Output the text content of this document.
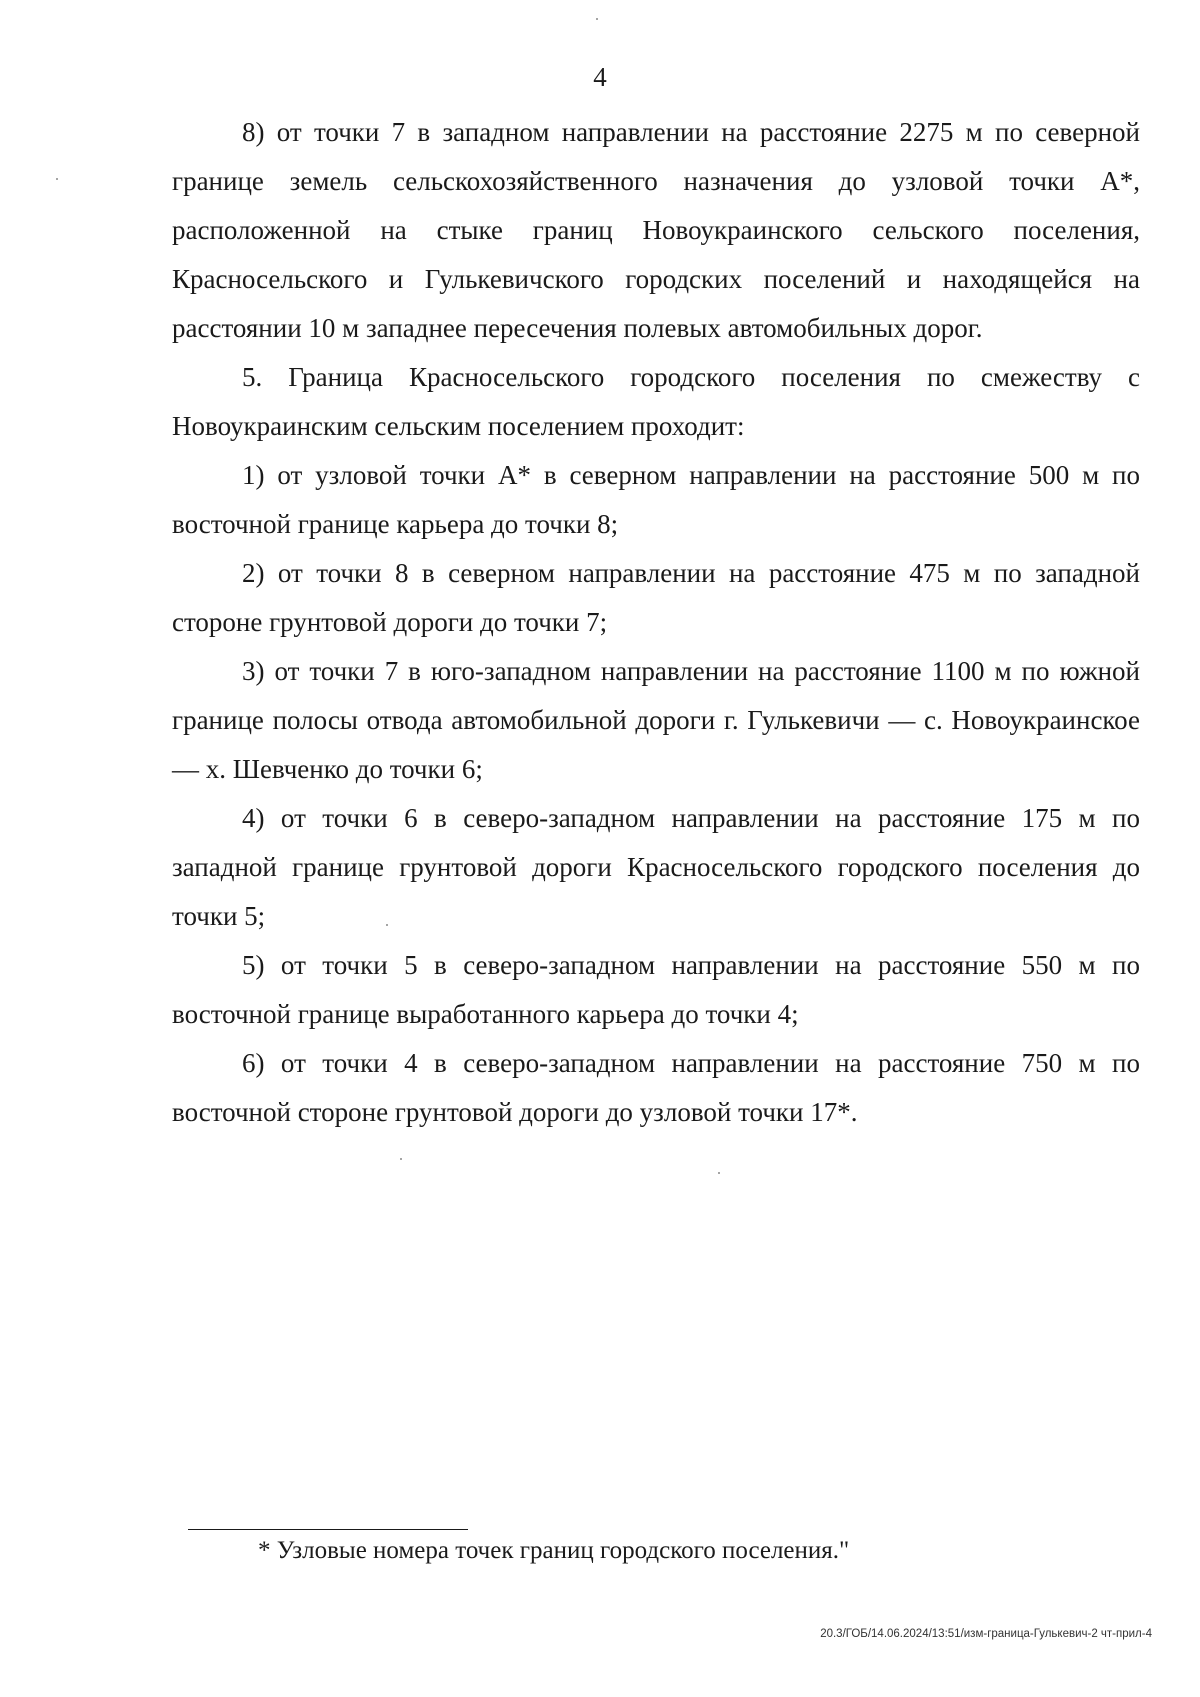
4

8) от точки 7 в западном направлении на расстояние 2275 м по северной границе земель сельскохозяйственного назначения до узловой точки А*, расположенной на стыке границ Новоукраинского сельского поселения, Красносельского и Гулькевичского городских поселений и находящейся на расстоянии 10 м западнее пересечения полевых автомобильных дорог.

5. Граница Красносельского городского поселения по смежеству с Новоукраинским сельским поселением проходит:

1) от узловой точки А* в северном направлении на расстояние 500 м по восточной границе карьера до точки 8;

2) от точки 8 в северном направлении на расстояние 475 м по западной стороне грунтовой дороги до точки 7;

3) от точки 7 в юго-западном направлении на расстояние 1100 м по южной границе полосы отвода автомобильной дороги г. Гулькевичи — с. Новоукраинское — х. Шевченко до точки 6;

4) от точки 6 в северо-западном направлении на расстояние 175 м по западной границе грунтовой дороги Красносельского городского поселения до точки 5;

5) от точки 5 в северо-западном направлении на расстояние 550 м по восточной границе выработанного карьера до точки 4;

6) от точки 4 в северо-западном направлении на расстояние 750 м по восточной стороне грунтовой дороги до узловой точки 17*.

* Узловые номера точек границ городского поселения."
20.3/ГОБ/14.06.2024/13:51/изм-граница-Гулькевич-2 чт-прил-4
